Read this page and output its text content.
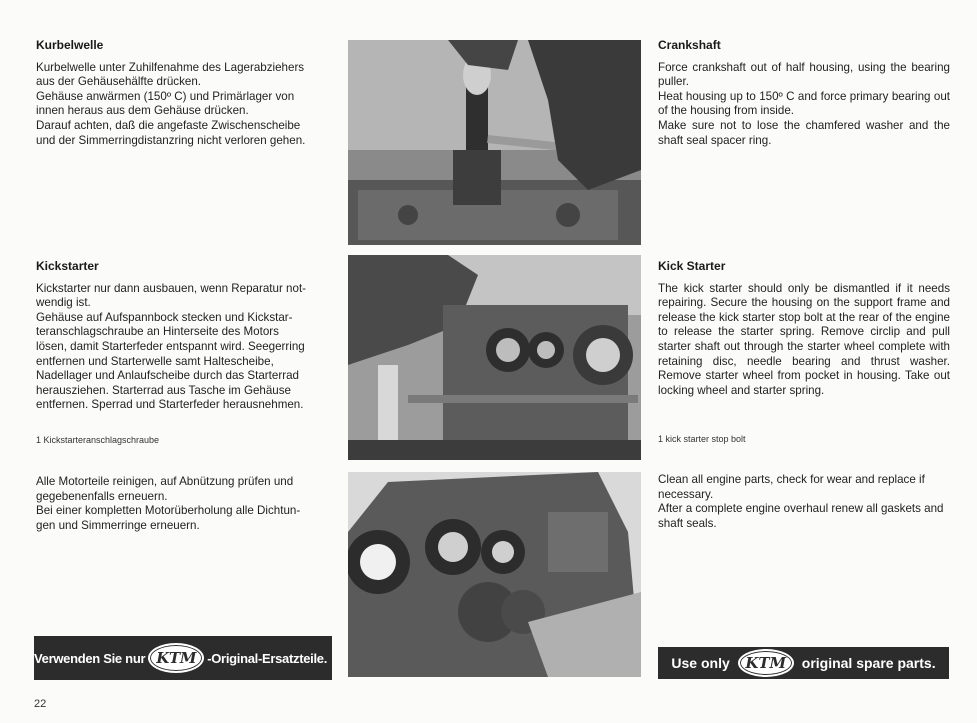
Kurbelwelle

Kurbelwelle unter Zuhilfenahme des Lagerabziehers
aus der Gehäusehälfte drücken.
Gehäuse anwärmen (150º C) und Primärlager von
innen heraus aus dem Gehäuse drücken.
Darauf achten, daß die angefaste Zwischenscheibe
und der Simmerringdistanzring nicht verloren gehen.

Kickstarter

Kickstarter nur dann ausbauen, wenn Reparatur not-
wendig ist.
Gehäuse auf Aufspannbock stecken und Kickstar-
teranschlagschraube an Hinterseite des Motors
lösen, damit Starterfeder entspannt wird. Seegerring
entfernen und Starterwelle samt Haltescheibe,
Nadellager und Anlaufscheibe durch das Starterrad
herausziehen. Starterrad aus Tasche im Gehäuse
entfernen. Sperrad und Starterfeder herausnehmen.

1 Kickstarteranschlagschraube

Alle Motorteile reinigen, auf Abnützung prüfen und
gegebenenfalls erneuern.
Bei einer kompletten Motorüberholung alle Dichtun-
gen und Simmerringe erneuern.

Verwenden Sie nur KTM -Original-Ersatzteile.

Crankshaft

Force crankshaft out of half housing, using the bearing puller.
Heat housing up to 150º C and force primary bearing out of the housing from inside.
Make sure not to lose the chamfered washer and the shaft seal spacer ring.

Kick Starter

The kick starter should only be dismantled if it needs repairing. Secure the housing on the support frame and release the kick starter stop bolt at the rear of the engine to release the starter spring. Remove circlip and pull starter shaft out through the starter wheel complete with retaining disc, needle bearing and thrust washer. Remove starter wheel from pocket in housing. Take out locking wheel and starter spring.

1 kick starter stop bolt

Clean all engine parts, check for wear and replace if necessary.
After a complete engine overhaul renew all gaskets and shaft seals.

Use only	KTM	original spare parts.
22
